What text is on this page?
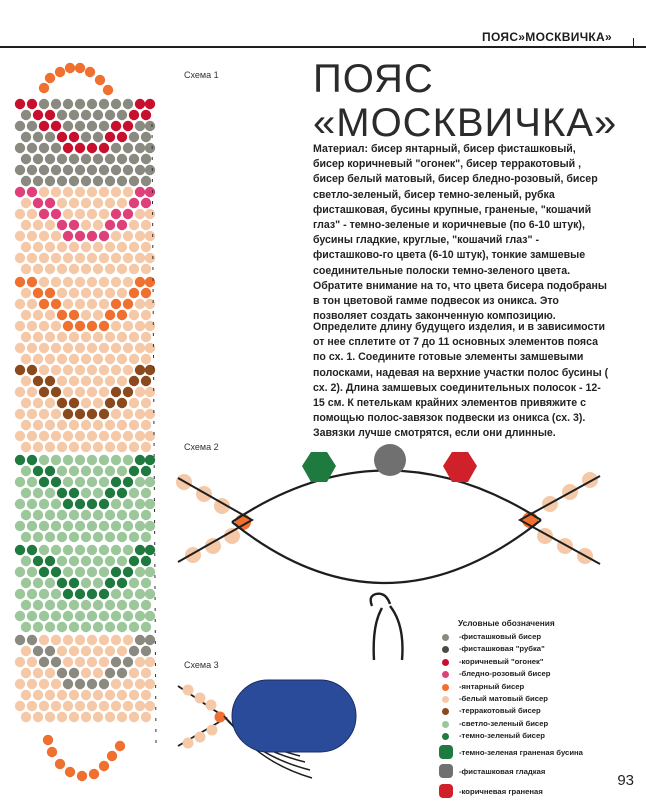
ПОЯС»МОСКВИЧКА»
Схема 1 ПОЯС
«МОСКВИЧКА»
Материал: бисер янтарный, бисер фисташковый, бисер коричневый "огонек", бисер терракотовый , бисер белый матовый, бисер бледно-розовый, бисер светло-зеленый, бисер темно-зеленый, рубка фисташковая, бусины крупные, граненые, "кошачий глаз" - темно-зеленые и коричневые (по 6-10 штук), бусины гладкие, круглые, "кошачий глаз" - фисташково-го цвета (6-10 штук), тонкие замшевые соединительные полоски темно-зеленого цвета. Обратите внимание на то, что цвета бисера подобраны в тон цветовой гамме подвесок из оникса. Это позволяет создать законченную композицию.
Определите длину будущего изделия, и в зависимости от нее сплетите от 7 до 11 основных элементов пояса по сх. 1. Соедините готовые элементы замшевыми полосками, надевая на верхние участки полос бусины ( сх. 2). Длина замшевых соединительных полосок - 12-15 см. К петелькам крайних элементов привяжите с помощью полос-завязок подвески из оникса (сх. 3). Завязки лучше смотрятся, если они длинные.
Схема 2
Схема 3
Условные обозначения
-фисташковый бисер
-фисташковая "рубка"
-коричневый "огонек"
-бледно-розовый бисер
-янтарный бисер
-белый матовый бисер
-терракотовый бисер
-светло-зеленый бисер
-темно-зеленый бисер
-темно-зеленая граненая бусина
-фисташковая гладкая
-коричневая граненая
93
